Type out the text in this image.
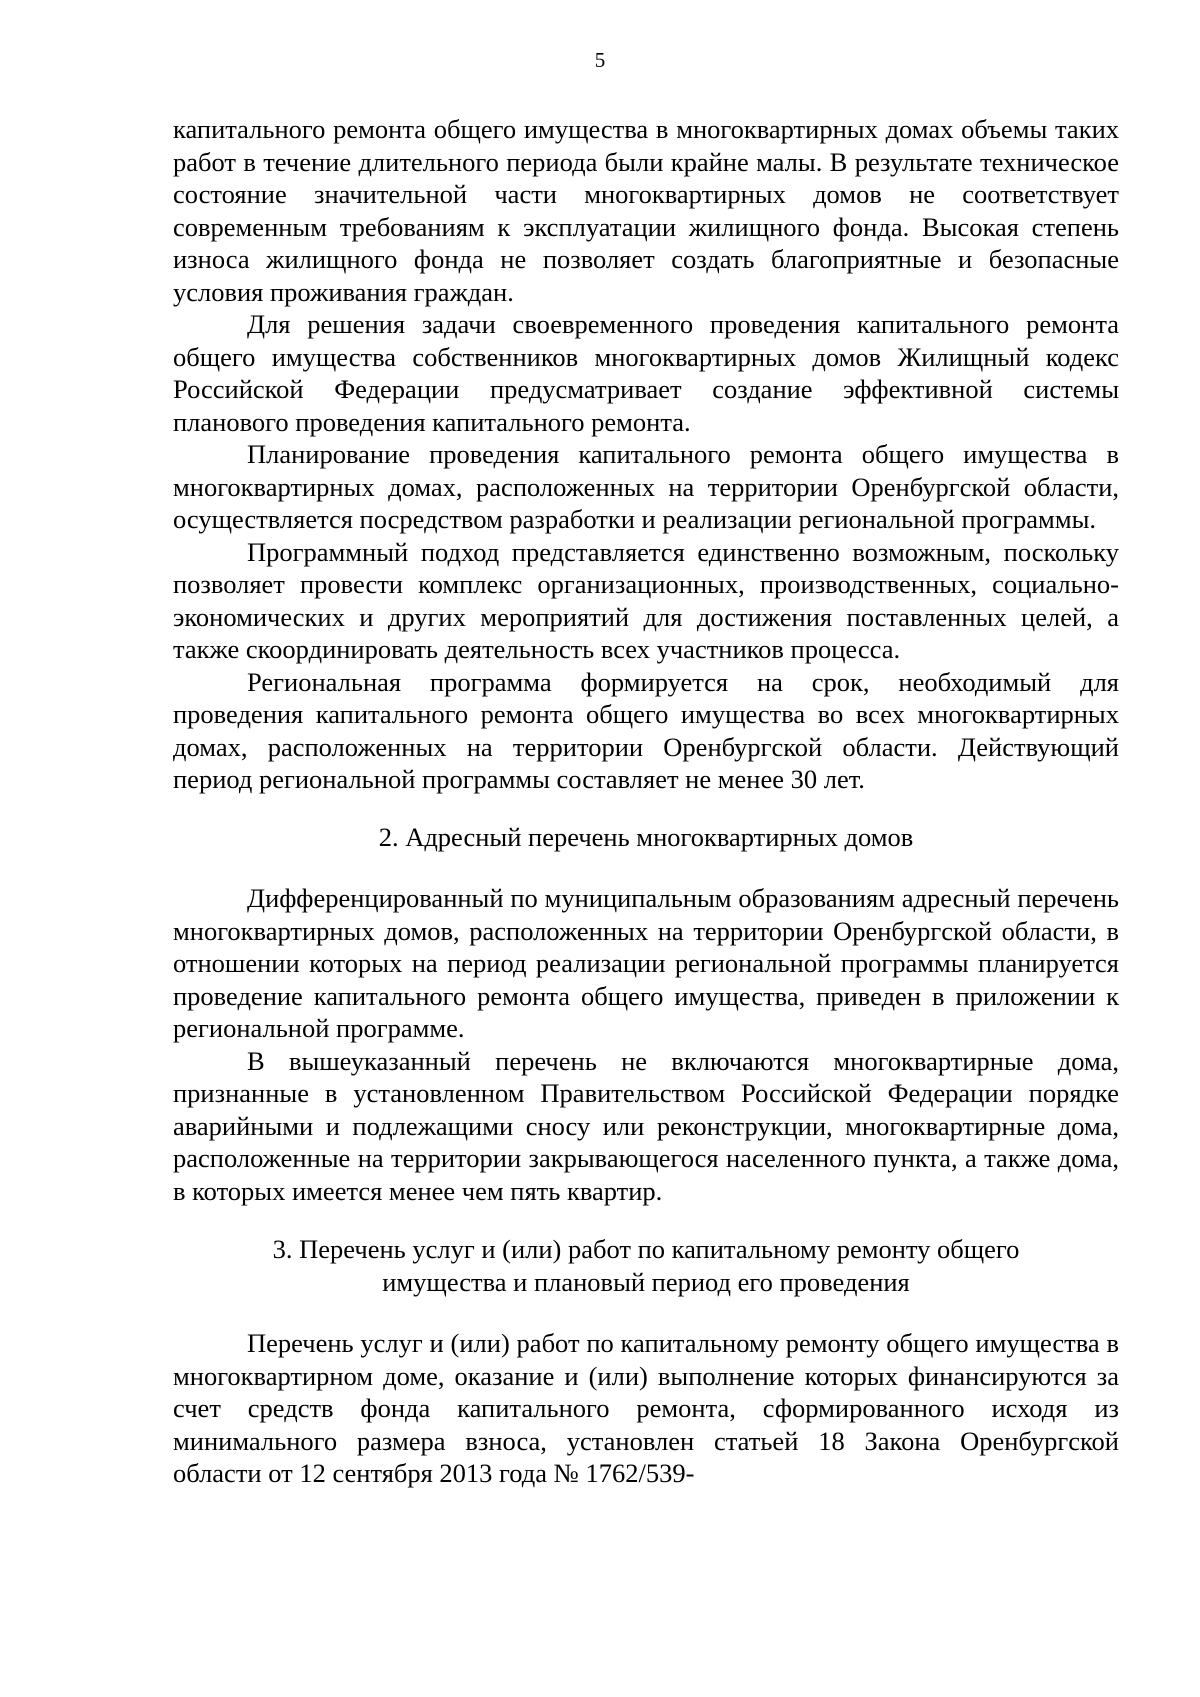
5

капитального ремонта общего имущества в многоквартирных домах объемы таких работ в течение длительного периода были крайне малы. В результате техническое состояние значительной части многоквартирных домов не соответствует современным требованиям к эксплуатации жилищного фонда. Высокая степень износа жилищного фонда не позволяет создать благоприятные и безопасные условия проживания граждан.

Для решения задачи своевременного проведения капитального ремонта общего имущества собственников многоквартирных домов Жилищный кодекс Российской Федерации предусматривает создание эффективной системы планового проведения капитального ремонта.

Планирование проведения капитального ремонта общего имущества в многоквартирных домах, расположенных на территории Оренбургской области, осуществляется посредством разработки и реализации региональной программы.

Программный подход представляется единственно возможным, поскольку позволяет провести комплекс организационных, производственных, социально-экономических и других мероприятий для достижения поставленных целей, а также скоординировать деятельность всех участников процесса.

Региональная программа формируется на срок, необходимый для проведения капитального ремонта общего имущества во всех многоквартирных домах, расположенных на территории Оренбургской области. Действующий период региональной программы составляет не менее 30 лет.

2. Адресный перечень многоквартирных домов

Дифференцированный по муниципальным образованиям адресный перечень многоквартирных домов, расположенных на территории Оренбургской области, в отношении которых на период реализации региональной программы планируется проведение капитального ремонта общего имущества, приведен в приложении к региональной программе.

В вышеуказанный перечень не включаются многоквартирные дома, признанные в установленном Правительством Российской Федерации порядке аварийными и подлежащими сносу или реконструкции, многоквартирные дома, расположенные на территории закрывающегося населенного пункта, а также дома, в которых имеется менее чем пять квартир.

3. Перечень услуг и (или) работ по капитальному ремонту общего
имущества и плановый период его проведения

Перечень услуг и (или) работ по капитальному ремонту общего имущества в многоквартирном доме, оказание и (или) выполнение которых финансируются за счет средств фонда капитального ремонта, сформированного исходя из минимального размера взноса, установлен статьей 18 Закона Оренбургской области от 12 сентября 2013 года № 1762/539-
